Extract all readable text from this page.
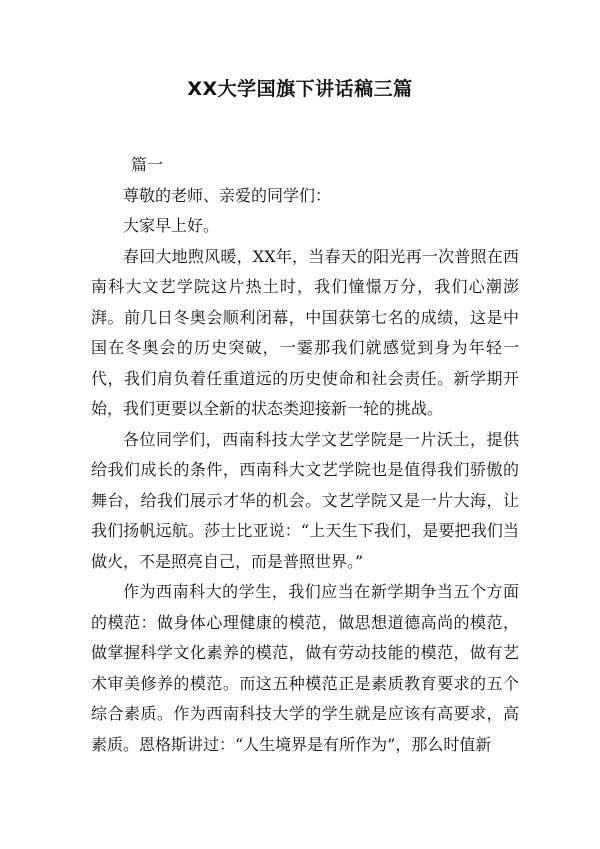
XX大学国旗下讲话稿三篇

篇一

尊敬的老师、亲爱的同学们：

大家早上好。

春回大地煦风暖，XX年，当春天的阳光再一次普照在西南科大文艺学院这片热土时，我们憧憬万分，我们心潮澎湃。前几日冬奥会顺利闭幕，中国获第七名的成绩，这是中国在冬奥会的历史突破，一霎那我们就感觉到身为年轻一代，我们肩负着任重道远的历史使命和社会责任。新学期开始，我们更要以全新的状态类迎接新一轮的挑战。

各位同学们，西南科技大学文艺学院是一片沃土，提供给我们成长的条件，西南科大文艺学院也是值得我们骄傲的舞台，给我们展示才华的机会。文艺学院又是一片大海，让我们扬帆远航。莎士比亚说：“上天生下我们，是要把我们当做火，不是照亮自己，而是普照世界。”

作为西南科大的学生，我们应当在新学期争当五个方面的模范：做身体心理健康的模范，做思想道德高尚的模范，做掌握科学文化素养的模范，做有劳动技能的模范，做有艺术审美修养的模范。而这五种模范正是素质教育要求的五个综合素质。作为西南科技大学的学生就是应该有高要求，高素质。恩格斯讲过：“人生境界是有所作为”，那么时值新
